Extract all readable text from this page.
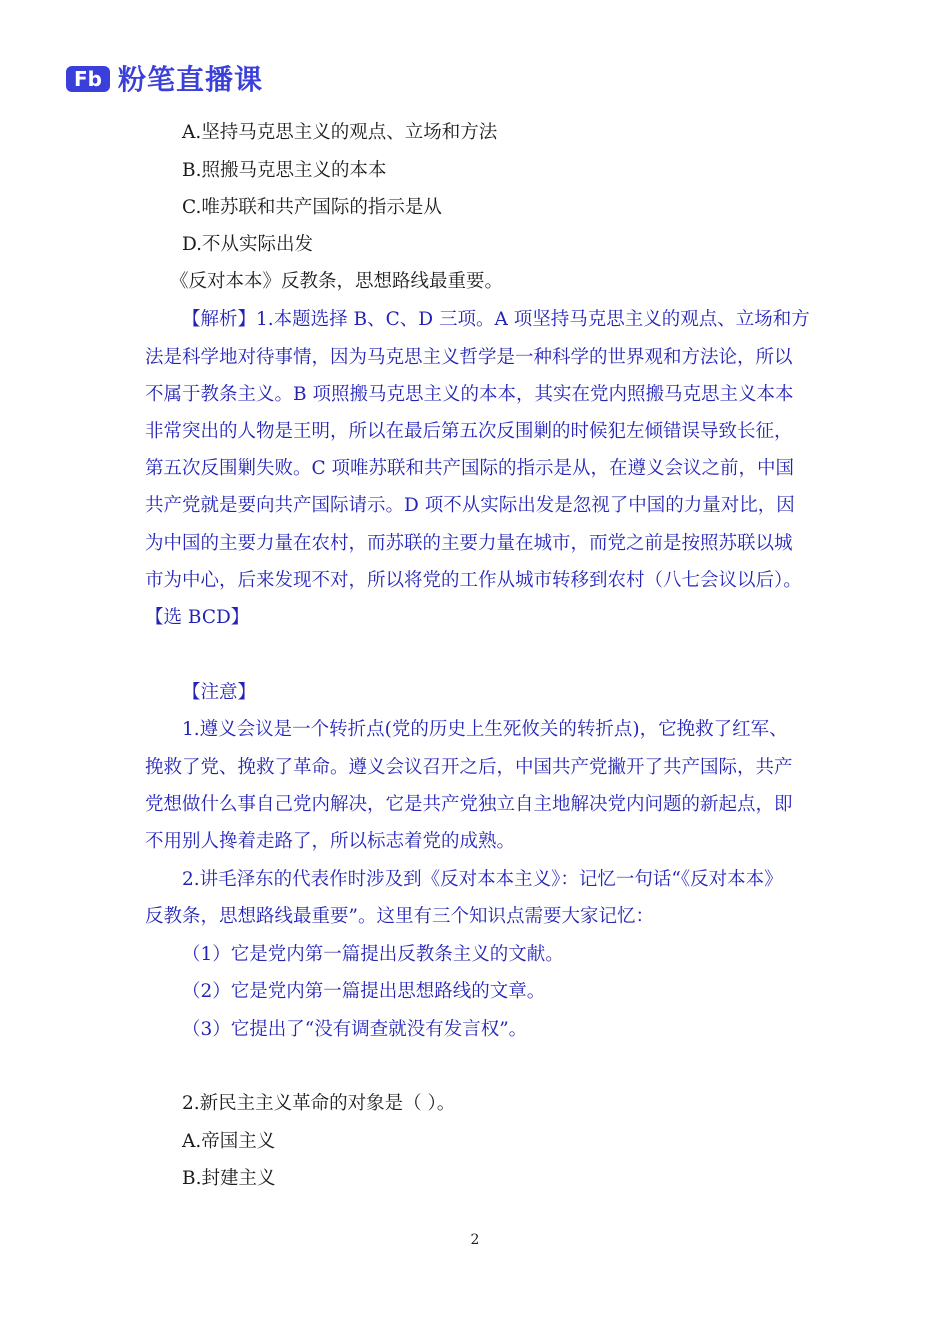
Fb 粉笔直播课
A.坚持马克思主义的观点、立场和方法
B.照搬马克思主义的本本
C.唯苏联和共产国际的指示是从
D.不从实际出发
《反对本本》反教条，思想路线最重要。
【解析】1.本题选择 B、C、D 三项。A 项坚持马克思主义的观点、立场和方
法是科学地对待事情，因为马克思主义哲学是一种科学的世界观和方法论，所以
不属于教条主义。B 项照搬马克思主义的本本，其实在党内照搬马克思主义本本
非常突出的人物是王明，所以在最后第五次反围剿的时候犯左倾错误导致长征，
第五次反围剿失败。C 项唯苏联和共产国际的指示是从，在遵义会议之前，中国
共产党就是要向共产国际请示。D 项不从实际出发是忽视了中国的力量对比，因
为中国的主要力量在农村，而苏联的主要力量在城市，而党之前是按照苏联以城
市为中心，后来发现不对，所以将党的工作从城市转移到农村（八七会议以后）。
【选 BCD】
【注意】
1.遵义会议是一个转折点(党的历史上生死攸关的转折点)，它挽救了红军、
挽救了党、挽救了革命。遵义会议召开之后，中国共产党撇开了共产国际，共产
党想做什么事自己党内解决，它是共产党独立自主地解决党内问题的新起点，即
不用别人搀着走路了，所以标志着党的成熟。
2.讲毛泽东的代表作时涉及到《反对本本主义》：记忆一句话“《反对本本》
反教条，思想路线最重要”。这里有三个知识点需要大家记忆：
（1）它是党内第一篇提出反教条主义的文献。
（2）它是党内第一篇提出思想路线的文章。
（3）它提出了“没有调查就没有发言权”。
2.新民主主义革命的对象是（ ）。
A.帝国主义
B.封建主义
2
